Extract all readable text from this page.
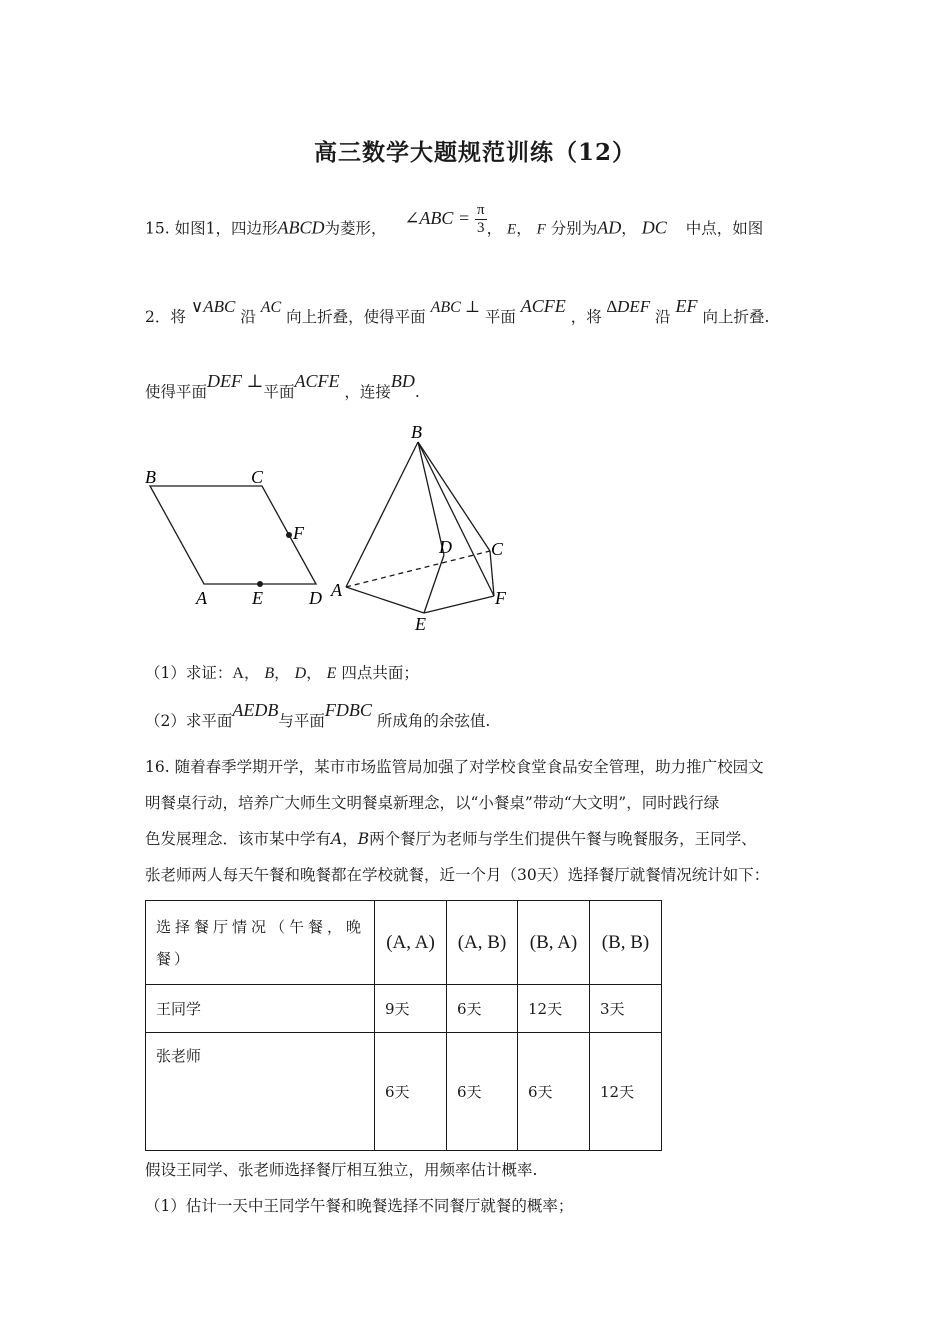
高三数学大题规范训练（12）
15. 如图1，四边形ABCD为菱形，  ∠ABC = $\frac{\pi}{3}$ ， E， F 分别为AD， DC 中点，如图
2．将 ∨ABC 沿 AC 向上折叠，使得平面 ABC ⊥ 平面 ACFE ，将 ∆DEF 沿 EF 向上折叠.
使得平面DEF ⊥平面ACFE ，连接BD.
B	C
F
A	E	D
B
D C
A	F
E
（1）求证：A， B， D， E 四点共面；
（2）求平面AEDB与平面FDBC 所成角的余弦值.
16. 随着春季学期开学，某市市场监管局加强了对学校食堂食品安全管理，助力推广校园文
明餐桌行动，培养广大师生文明餐桌新理念，以“小餐桌”带动“大文明”，同时践行绿
色发展理念．该市某中学有A，B两个餐厅为老师与学生们提供午餐与晚餐服务，王同学、
张老师两人每天午餐和晚餐都在学校就餐，近一个月（30天）选择餐厅就餐情况统计如下：
选择餐厅情况（午餐，晚餐）	(A, A)	(A, B)	(B, A)	(B, B)
王同学	9天	6天	12天	3天
张老师	6天	6天	6天	12天
假设王同学、张老师选择餐厅相互独立，用频率估计概率.
（1）估计一天中王同学午餐和晚餐选择不同餐厅就餐的概率；
